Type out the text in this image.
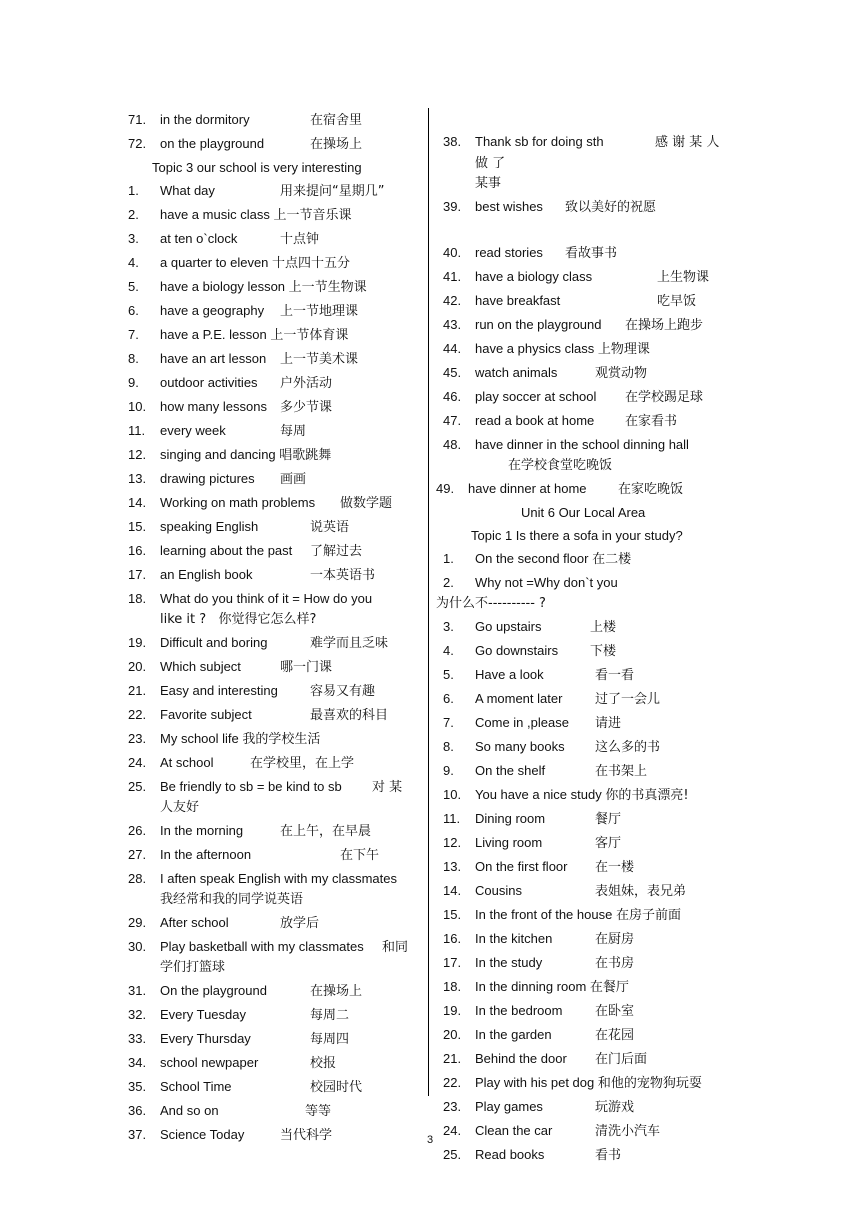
71.	in the dormitory	在宿舍里
72.	on the playground	在操场上
Topic 3 our school is very interesting
1.	What day	用来提问“星期几”
2.	have a music class 上一节音乐课
3.	at ten o`clock	十点钟
4.	a quarter to eleven 十点四十五分
5.	have a biology lesson 上一节生物课
6.	have a geography 上一节地理课
7.	have a P.E. lesson 上一节体育课
8.	have an art lesson 上一节美术课
9.	outdoor activities 户外活动
10.	how many lessons 多少节课
11.	every week	每周
12.	singing and dancing 唱歌跳舞
13.	drawing pictures 画画
14.	Working on math problems 做数学题
15.	speaking English	说英语
16.	learning about the past 了解过去
17.	an English book	一本英语书
18.	What do you think of it = How do you
like it ?   你觉得它怎么样?
19.	Difficult and boring	难学而且乏味
20.	Which subject	哪一门课
21.	Easy and interesting 容易又有趣
22.	Favorite subject	最喜欢的科目
23.	My school life 我的学校生活
24.	At school	在学校里，在上学
25.	Be friendly to sb = be kind to sb 对 某
人友好
26.	In the morning	在上午，在早晨
27.	In the afternoon	在下午
28.	I aften speak English with my classmates
我经常和我的同学说英语
29.	After school	放学后
30.	Play basketball with my classmates 和同
学们打篮球
31.	On the playground	在操场上
32.	Every Tuesday	每周二
33.	Every Thursday	每周四
34.	school newpaper	校报
35.	School Time	校园时代
36.	And so on	等等
37.	Science Today	当代科学
38.	Thank sb for doing sth	感 谢 某 人 做 了
某事
39.	best wishes 致以美好的祝愿
40.	read stories 看故事书
41.	have a biology class	上生物课
42.	have breakfast	吃早饭
43.	run on the playground 在操场上跑步
44.	have a physics class 上物理课
45.	watch animals	观赏动物
46.	play soccer at school 在学校踢足球
47.	read a book at home 在家看书
48.	have dinner in the school dinning hall
在学校食堂吃晚饭
49.	have dinner at home 在家吃晚饭
Unit 6 Our Local Area
Topic 1 Is there a sofa in your study?
1.	On the second floor 在二楼
2.	Why not =Why don`t you
为什么不---------- ?
3.	Go upstairs	上楼
4.	Go downstairs 下楼
5.	Have a look	看一看
6.	A moment later	过了一会儿
7.	Come in ,please 请进
8.	So many books 这么多的书
9.	On the shelf	在书架上
10.	You have a nice study 你的书真漂亮!
11.	Dining room	餐厅
12.	Living room	客厅
13.	On the first floor 在一楼
14.	Cousins	表姐妹，表兄弟
15.	In the front of the house 在房子前面
16.	In the kitchen	在厨房
17.	In the study	在书房
18.	In the dinning room 在餐厅
19.	In the bedroom	在卧室
20.	In the garden	在花园
21.	Behind the door 在门后面
22.	Play with his pet dog 和他的宠物狗玩耍
23.	Play games	玩游戏
24.	Clean the car	清洗小汽车
25.	Read books	看书
3
